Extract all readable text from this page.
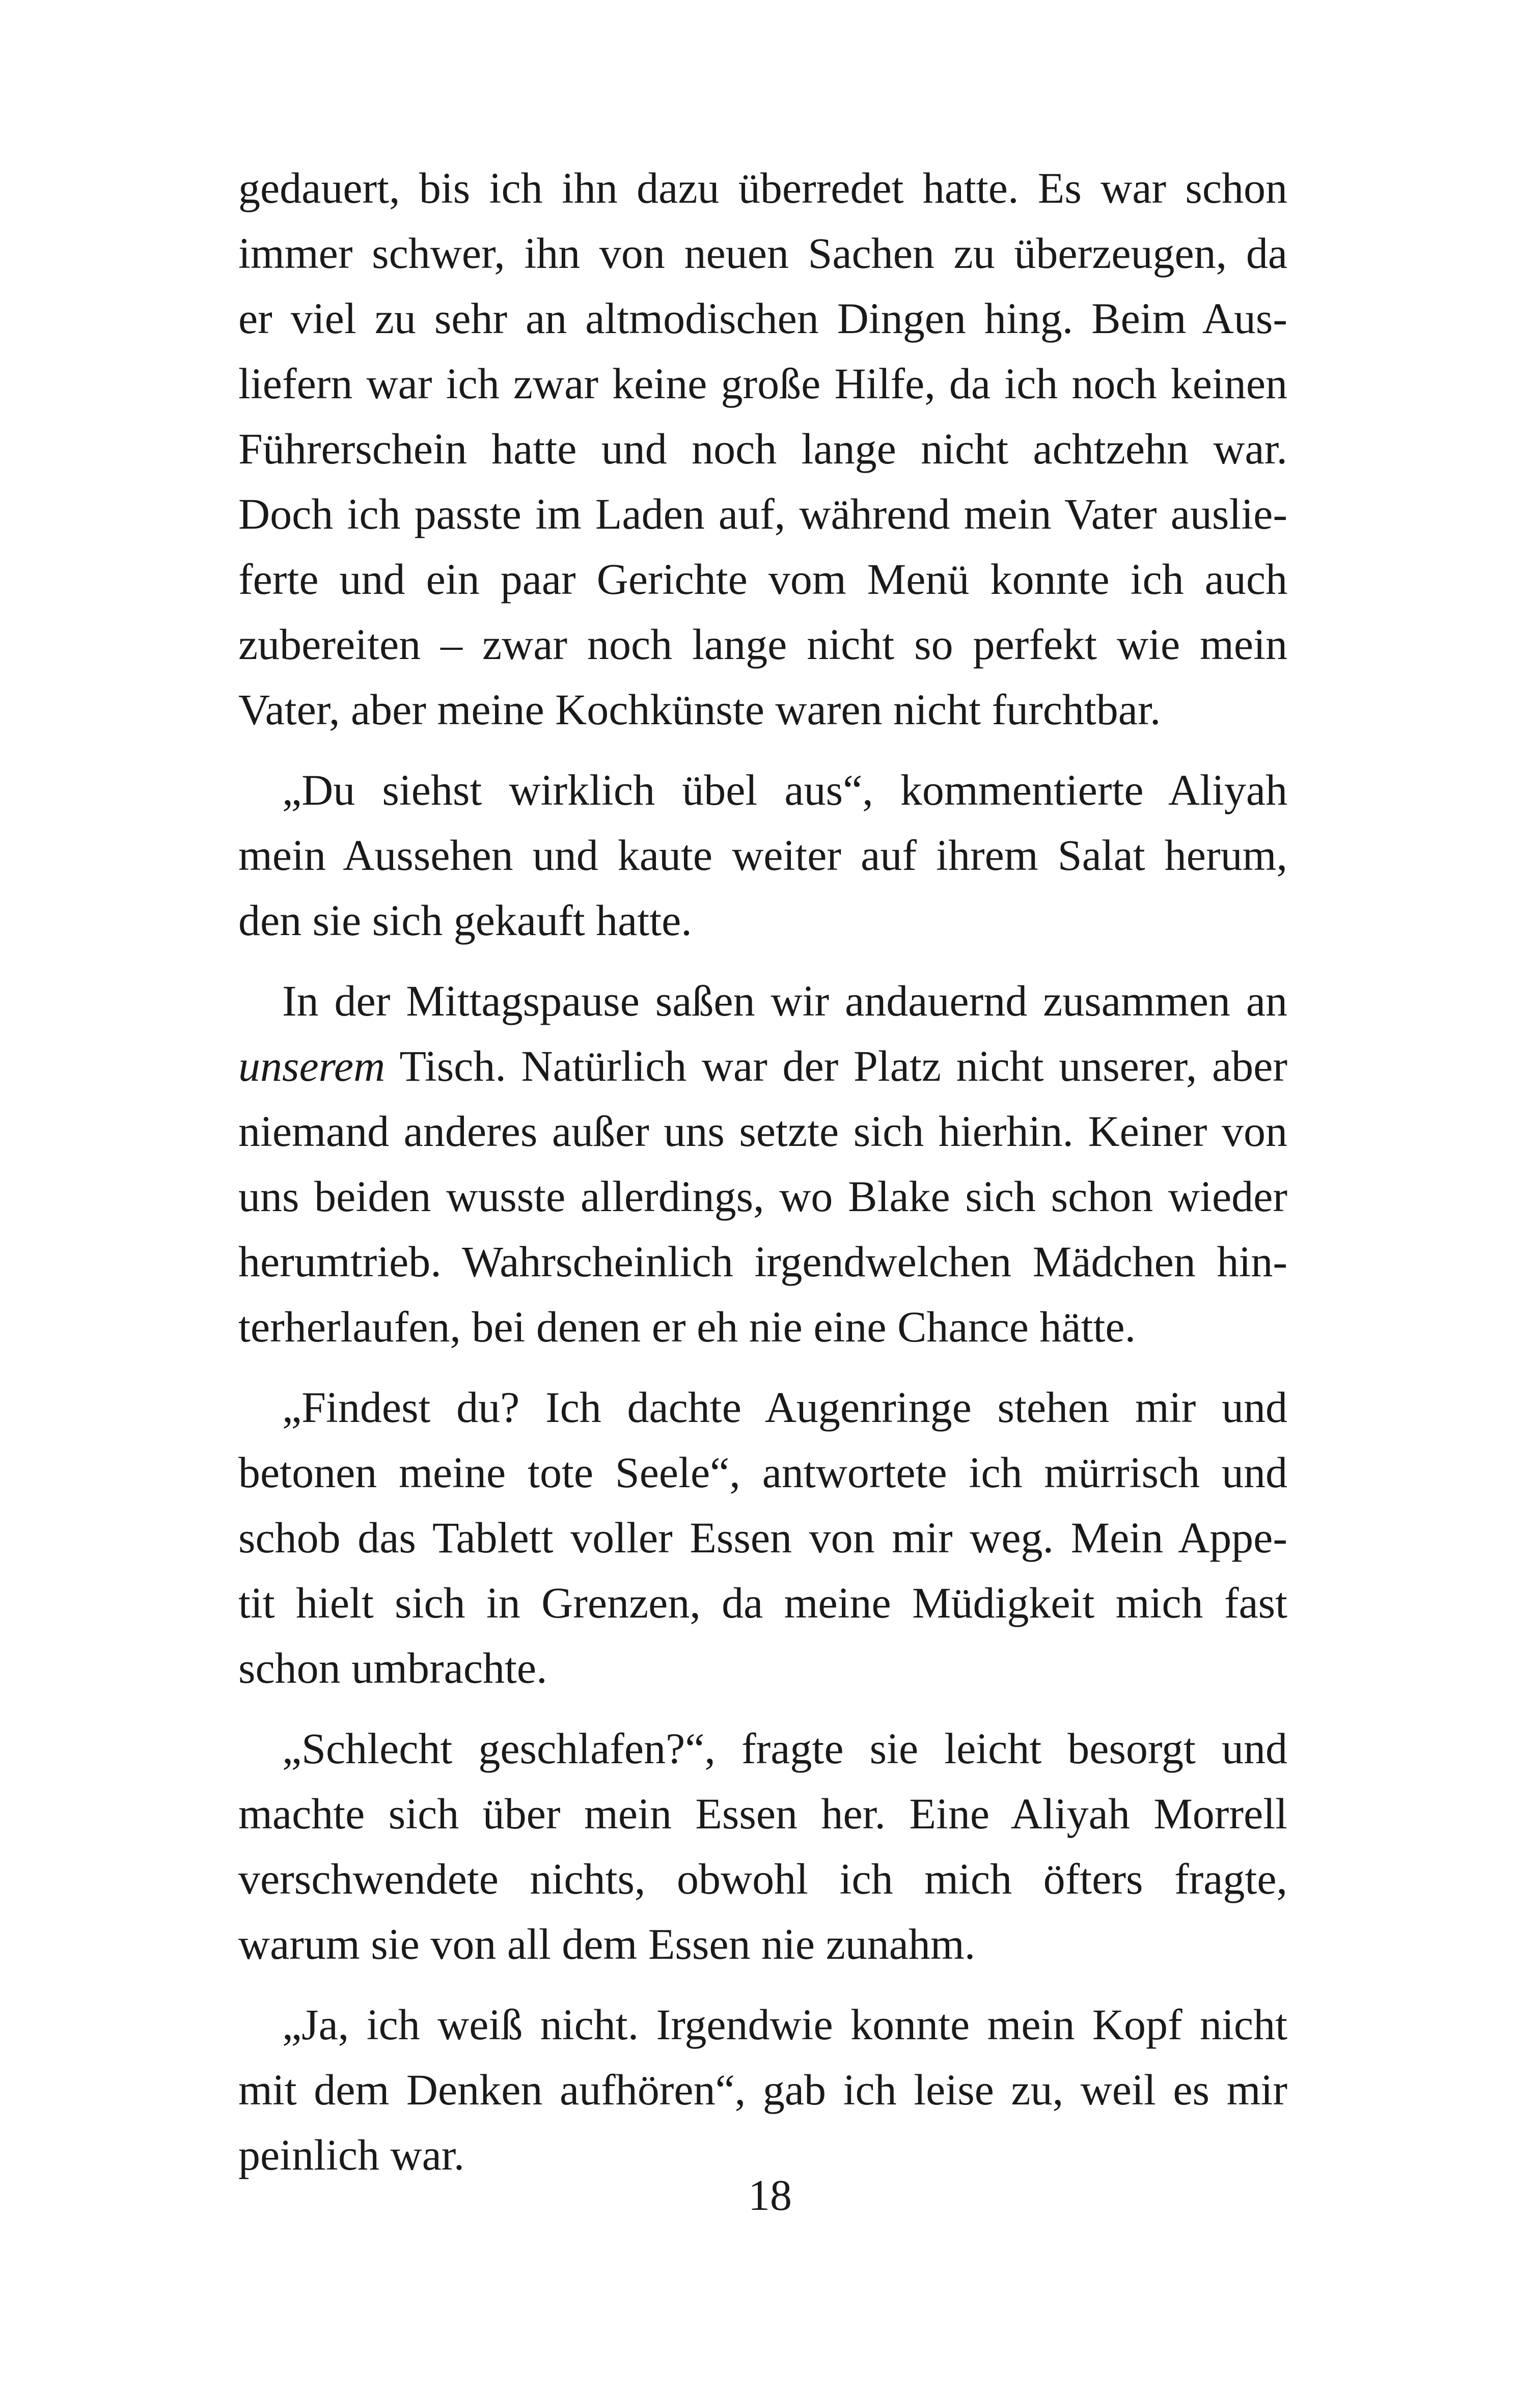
gedauert, bis ich ihn dazu überredet hatte. Es war schon
immer schwer, ihn von neuen Sachen zu überzeugen, da
er viel zu sehr an altmodischen Dingen hing. Beim Aus-
liefern war ich zwar keine große Hilfe, da ich noch keinen
Führerschein hatte und noch lange nicht achtzehn war.
Doch ich passte im Laden auf, während mein Vater auslie-
ferte und ein paar Gerichte vom Menü konnte ich auch
zubereiten – zwar noch lange nicht so perfekt wie mein
Vater, aber meine Kochkünste waren nicht furchtbar.
„Du siehst wirklich übel aus“, kommentierte Aliyah
mein Aussehen und kaute weiter auf ihrem Salat herum,
den sie sich gekauft hatte.
In der Mittagspause saßen wir andauernd zusammen an
unserem Tisch. Natürlich war der Platz nicht unserer, aber
niemand anderes außer uns setzte sich hierhin. Keiner von
uns beiden wusste allerdings, wo Blake sich schon wieder
herumtrieb. Wahrscheinlich irgendwelchen Mädchen hin-
terherlaufen, bei denen er eh nie eine Chance hätte.
„Findest du? Ich dachte Augenringe stehen mir und
betonen meine tote Seele“, antwortete ich mürrisch und
schob das Tablett voller Essen von mir weg. Mein Appe-
tit hielt sich in Grenzen, da meine Müdigkeit mich fast
schon umbrachte.
„Schlecht geschlafen?“, fragte sie leicht besorgt und
machte sich über mein Essen her. Eine Aliyah Morrell
verschwendete nichts, obwohl ich mich öfters fragte,
warum sie von all dem Essen nie zunahm.
„Ja, ich weiß nicht. Irgendwie konnte mein Kopf nicht
mit dem Denken aufhören“, gab ich leise zu, weil es mir
peinlich war.
18
